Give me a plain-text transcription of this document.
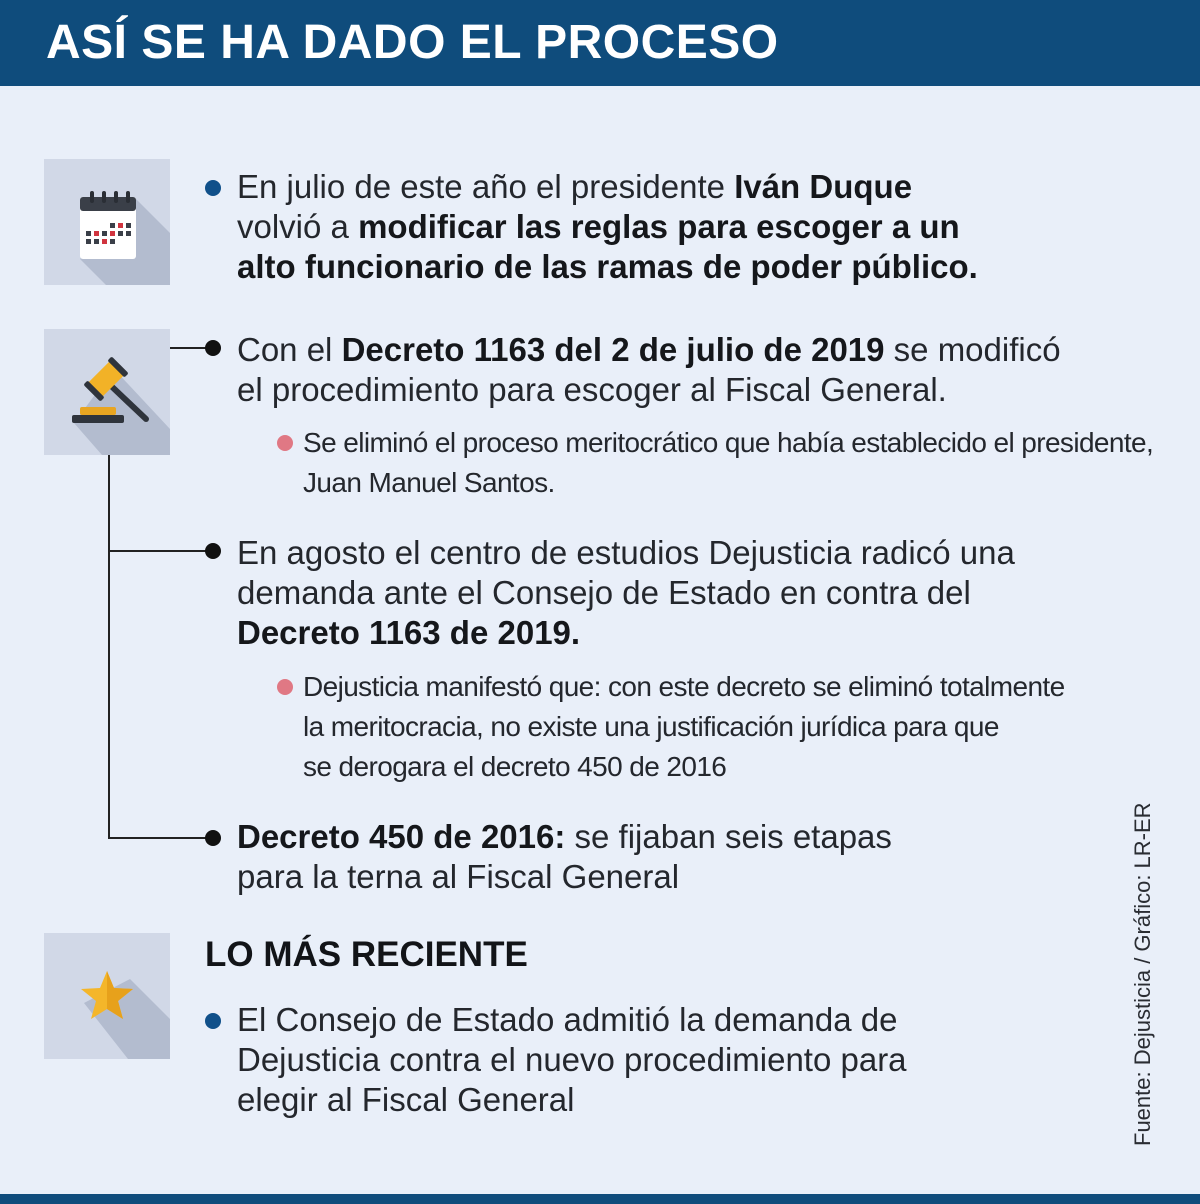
ASÍ SE HA DADO EL PROCESO
En julio de este año el presidente Iván Duque
volvió a modificar las reglas para escoger a un
alto funcionario de las ramas de poder público.
Con el Decreto 1163 del 2 de julio de 2019 se modificó
el procedimiento para escoger al Fiscal General.
Se eliminó el proceso meritocrático que había establecido el presidente,
Juan Manuel Santos.
En agosto el centro de estudios Dejusticia radicó una
demanda ante el Consejo de Estado en contra del
Decreto 1163 de 2019.
Dejusticia manifestó que: con este decreto se eliminó totalmente
la meritocracia, no existe una justificación jurídica para que
se derogara el decreto 450 de 2016
Decreto 450 de 2016: se fijaban seis etapas
para la terna al Fiscal General
LO MÁS RECIENTE
El Consejo de Estado admitió la demanda de
Dejusticia contra el nuevo procedimiento para
elegir al Fiscal General	Fuente: Dejusticia / Gráfico: LR-ER
